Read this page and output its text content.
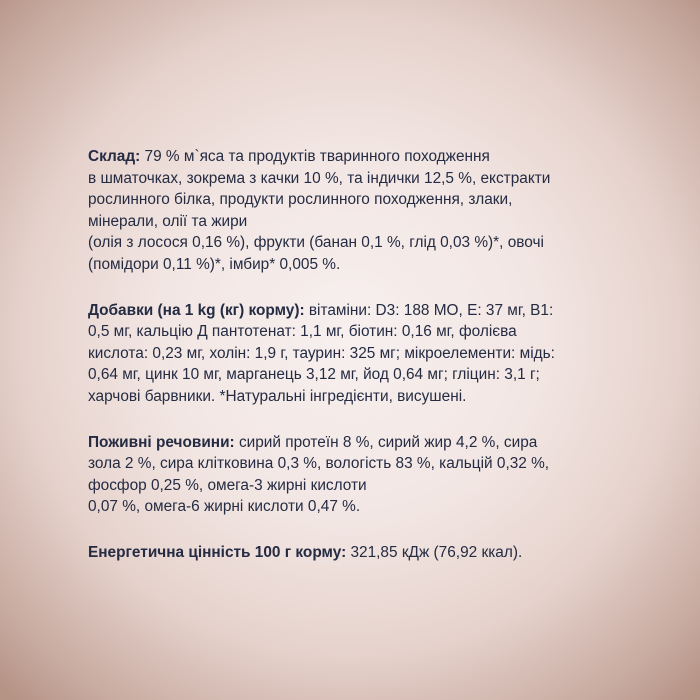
Склад: 79 % м`яса та продуктів тваринного походження
в шматочках, зокрема з качки 10 %, та індички 12,5 %, екстракти
рослинного білка, продукти рослинного походження, злаки,
мінерали, олії та жири
(олія з лосося 0,16 %), фрукти (банан 0,1 %, глід 0,03 %)*, овочі
(помідори 0,11 %)*, імбир* 0,005 %.
Добавки (на 1 kg (кг) корму): вітаміни: D3: 188 МО, E: 37 мг, B1:
0,5 мг, кальцію Д пантотенат: 1,1 мг, біотин: 0,16 мг, фолієва
кислота: 0,23 мг, холін: 1,9 г, таурин: 325 мг; мікроелементи: мідь:
0,64 мг, цинк 10 мг, марганець 3,12 мг, йод 0,64 мг; гліцин: 3,1 г;
харчові барвники. *Натуральні інгредієнти, висушені.
Поживні речовини: сирий протеїн 8 %, сирий жир 4,2 %, сира
зола 2 %, сира клітковина 0,3 %, вологість 83 %, кальцій 0,32 %,
фосфор 0,25 %, омега-3 жирні кислоти
0,07 %, омега-6 жирні кислоти 0,47 %.
Енергетична цінність 100 г корму: 321,85 кДж (76,92 ккал).
